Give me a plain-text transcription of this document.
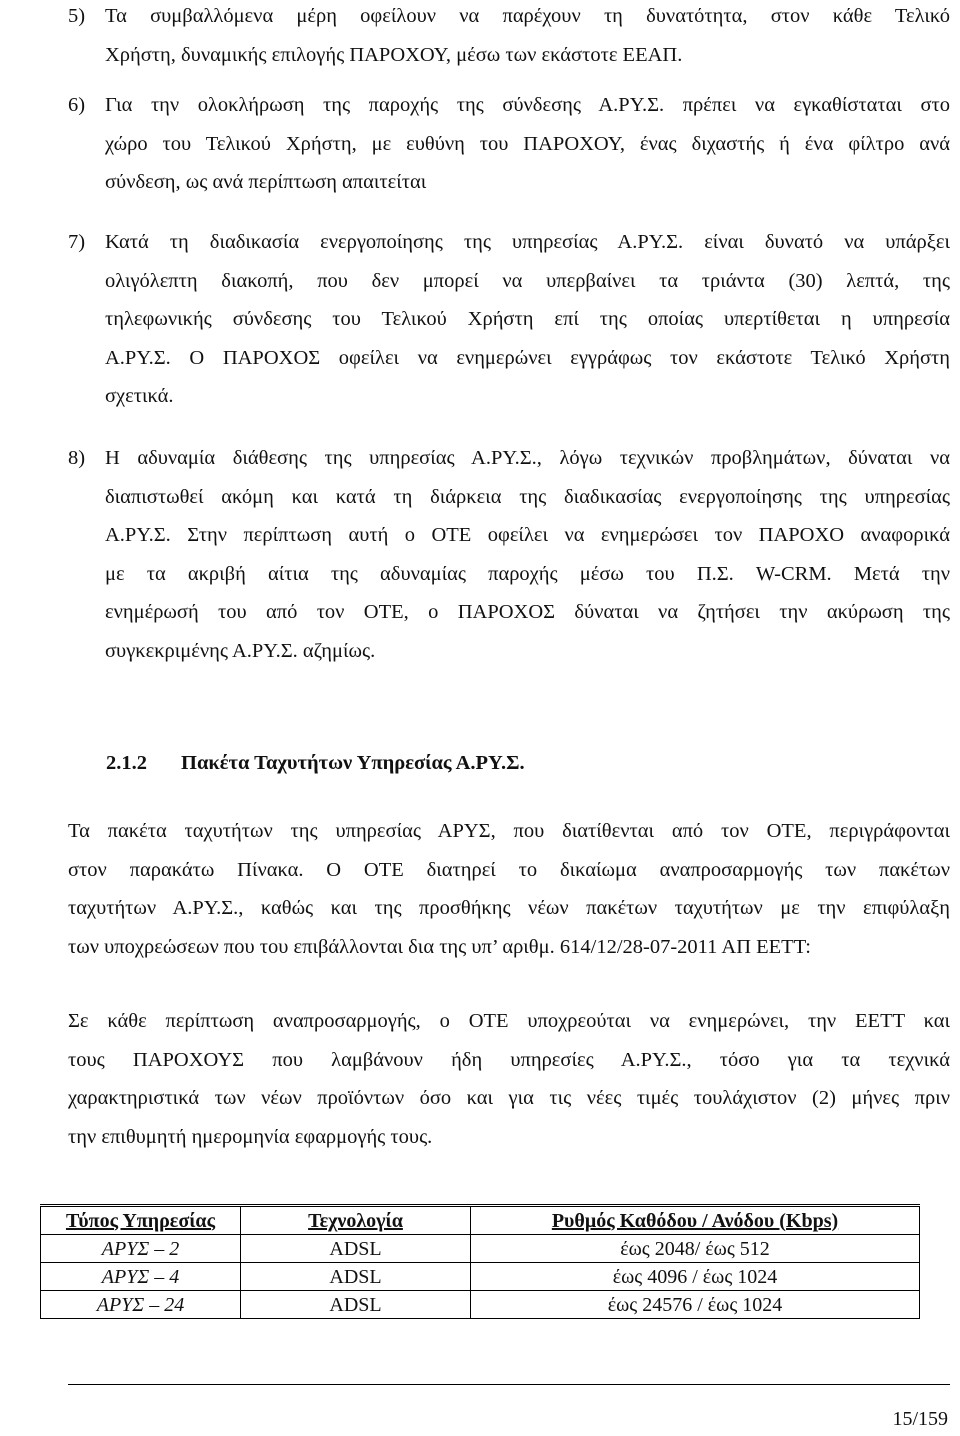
5) Τα συμβαλλόμενα μέρη οφείλουν να παρέχουν τη δυνατότητα, στον κάθε Τελικό
Χρήστη, δυναμικής επιλογής ΠΑΡΟΧΟΥ, μέσω των εκάστοτε ΕΕΑΠ.
6) Για την ολοκλήρωση της παροχής της σύνδεσης Α.ΡΥ.Σ. πρέπει να εγκαθίσταται στο
χώρο του Τελικού Χρήστη, με ευθύνη του ΠΑΡΟΧΟΥ, ένας διχαστής ή ένα φίλτρο ανά
σύνδεση, ως ανά περίπτωση απαιτείται
7) Κατά τη διαδικασία ενεργοποίησης της υπηρεσίας Α.ΡΥ.Σ. είναι δυνατό να υπάρξει
ολιγόλεπτη διακοπή, που δεν μπορεί να υπερβαίνει τα τριάντα (30) λεπτά, της
τηλεφωνικής σύνδεσης του Τελικού Χρήστη επί της οποίας υπερτίθεται η υπηρεσία
Α.ΡΥ.Σ. Ο ΠΑΡΟΧΟΣ οφείλει να ενημερώνει εγγράφως τον εκάστοτε Τελικό Χρήστη
σχετικά.
8) Η αδυναμία διάθεσης της υπηρεσίας Α.ΡΥ.Σ., λόγω τεχνικών προβλημάτων, δύναται να
διαπιστωθεί ακόμη και κατά τη διάρκεια της διαδικασίας ενεργοποίησης της υπηρεσίας
Α.ΡΥ.Σ. Στην περίπτωση αυτή ο ΟΤΕ οφείλει να ενημερώσει τον ΠΑΡΟΧΟ αναφορικά
με τα ακριβή αίτια της αδυναμίας παροχής μέσω του Π.Σ. W-CRM. Μετά την
ενημέρωσή του από τον ΟΤΕ, ο ΠΑΡΟΧΟΣ δύναται να ζητήσει την ακύρωση της
συγκεκριμένης Α.ΡΥ.Σ. αζημίως.
2.1.2 Πακέτα Ταχυτήτων Υπηρεσίας Α.ΡΥ.Σ.
Τα πακέτα ταχυτήτων της υπηρεσίας ΑΡΥΣ, που διατίθενται από τον ΟΤΕ, περιγράφονται
στον παρακάτω Πίνακα. Ο ΟΤΕ διατηρεί το δικαίωμα αναπροσαρμογής των πακέτων
ταχυτήτων Α.ΡΥ.Σ., καθώς και της προσθήκης νέων πακέτων ταχυτήτων με την επιφύλαξη
των υποχρεώσεων που του επιβάλλονται δια της υπ’ αριθμ. 614/12/28-07-2011 ΑΠ ΕΕΤΤ:
Σε κάθε περίπτωση αναπροσαρμογής, ο ΟΤΕ υποχρεούται να ενημερώνει, την ΕΕΤΤ και
τους ΠΑΡΟΧΟΥΣ που λαμβάνουν ήδη υπηρεσίες Α.ΡΥ.Σ., τόσο για τα τεχνικά
χαρακτηριστικά των νέων προϊόντων όσο και για τις νέες τιμές τουλάχιστον (2) μήνες πριν
την επιθυμητή ημερομηνία εφαρμογής τους.
Τύπος Υπηρεσίας	Τεχνολογία	Ρυθμός Καθόδου / Ανόδου (Kbps)
ΑΡΥΣ – 2	ADSL	έως 2048/ έως 512
ΑΡΥΣ – 4	ADSL	έως 4096 / έως 1024
ΑΡΥΣ – 24	ADSL	έως 24576 / έως 1024
15/159
